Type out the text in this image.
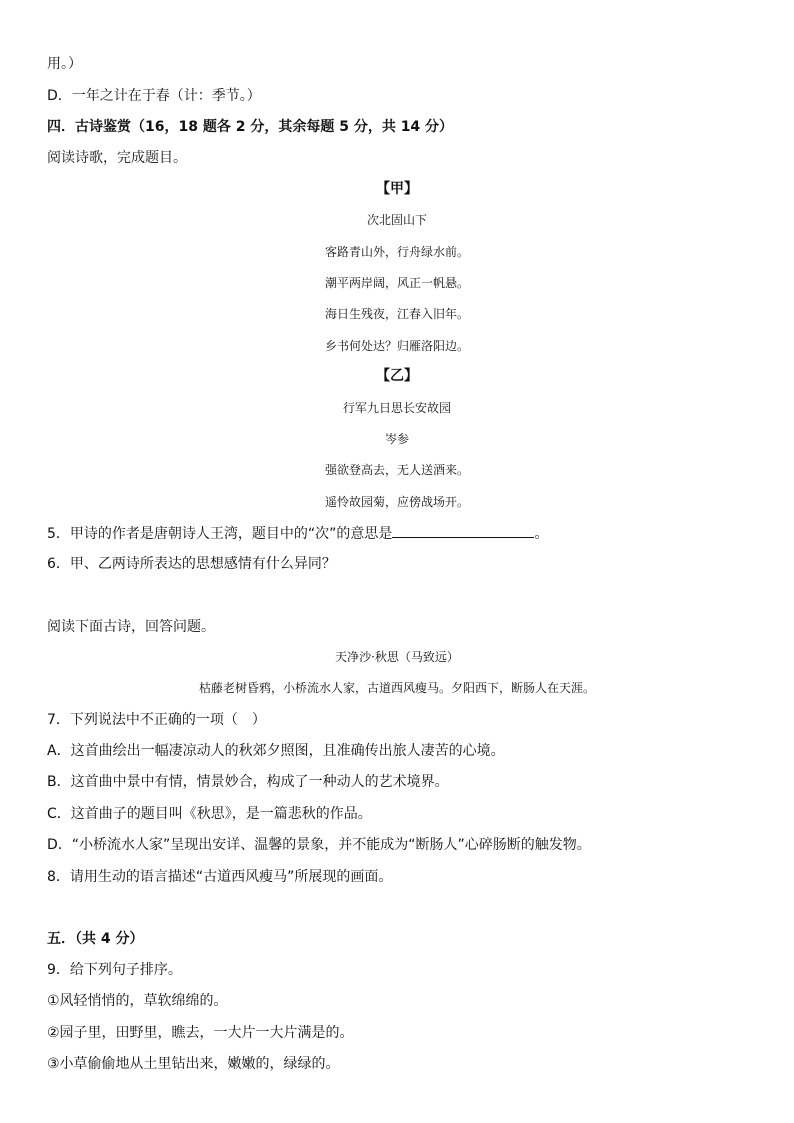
用。）
D．一年之计在于春（计：季节。）
四．古诗鉴赏（16，18 题各 2 分，其余每题 5 分，共 14 分）
阅读诗歌，完成题目。
【甲】
次北固山下
客路青山外，行舟绿水前。
潮平两岸阔，风正一帆悬。
海日生残夜，江春入旧年。
乡书何处达？归雁洛阳边。
【乙】
行军九日思长安故园
岑参
强欲登高去，无人送酒来。
遥怜故园菊，应傍战场开。
5．甲诗的作者是唐朝诗人王湾，题目中的“次”的意思是	。
6．甲、乙两诗所表达的思想感情有什么异同？
阅读下面古诗，回答问题。
天净沙·秋思（马致远）
枯藤老树昏鸦，小桥流水人家，古道西风瘦马。夕阳西下，断肠人在天涯。
7．下列说法中不正确的一项（　）
A．这首曲绘出一幅凄凉动人的秋郊夕照图，且准确传出旅人凄苦的心境。
B．这首曲中景中有情，情景妙合，构成了一种动人的艺术境界。
C．这首曲子的题目叫《秋思》，是一篇悲秋的作品。
D．“小桥流水人家”呈现出安详、温馨的景象，并不能成为“断肠人”心碎肠断的触发物。
8．请用生动的语言描述“古道西风瘦马”所展现的画面。
五．（共 4 分）
9．给下列句子排序。
①风轻悄悄的，草软绵绵的。
②园子里，田野里，瞧去，一大片一大片满是的。
③小草偷偷地从土里钻出来，嫩嫩的，绿绿的。
